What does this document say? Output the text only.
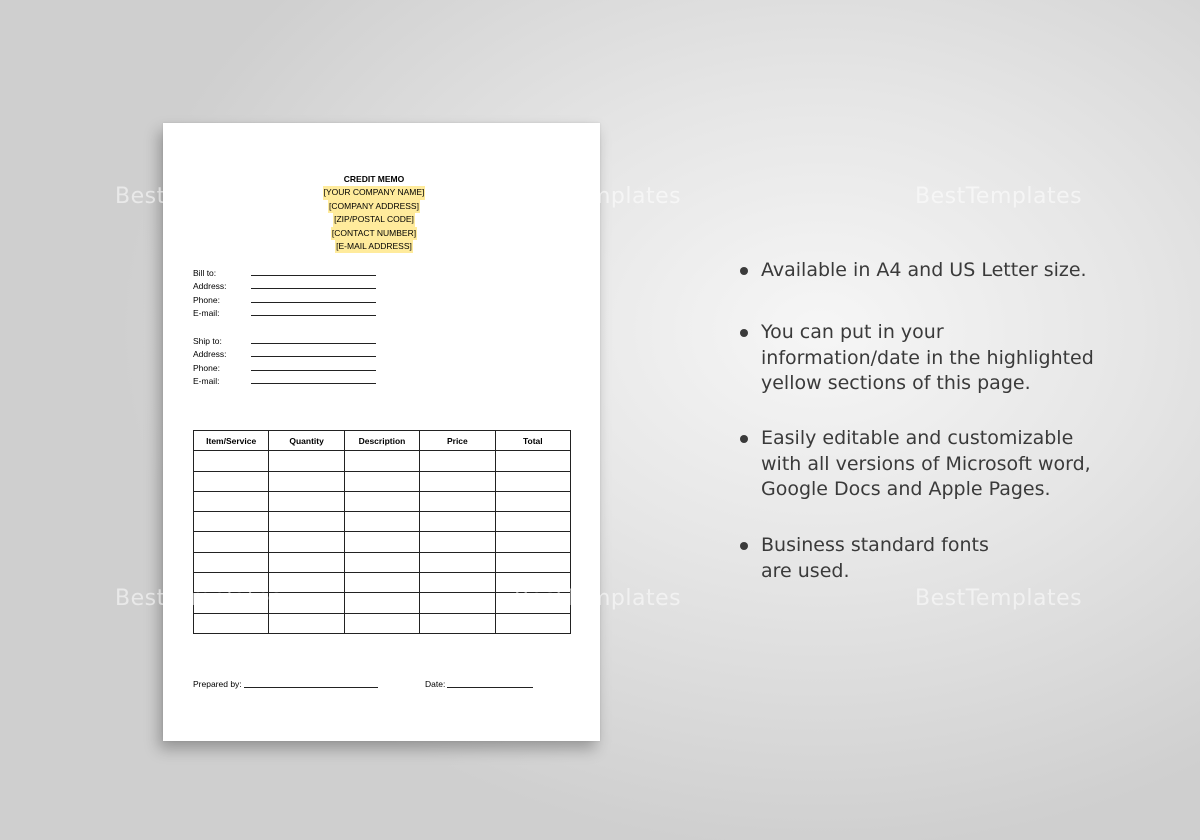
CREDIT MEMO
[YOUR COMPANY NAME]
[COMPANY ADDRESS]
[ZIP/POSTAL CODE]
[CONTACT NUMBER]
[E-MAIL ADDRESS]
Bill to:
Address:
Phone:
E-mail:
Ship to:
Address:
Phone:
E-mail:
Item/Service	Quantity	Description	Price	Total

Prepared by:	Date:
BestTemplates	BestTemplates	BestTemplates
BestTemplates	BestTemplates	BestTemplates
Available in A4 and US Letter size.
You can put in your
information/date in the highlighted
yellow sections of this page.
Easily editable and customizable
with all versions of Microsoft word,
Google Docs and Apple Pages.
Business standard fonts
are used.
